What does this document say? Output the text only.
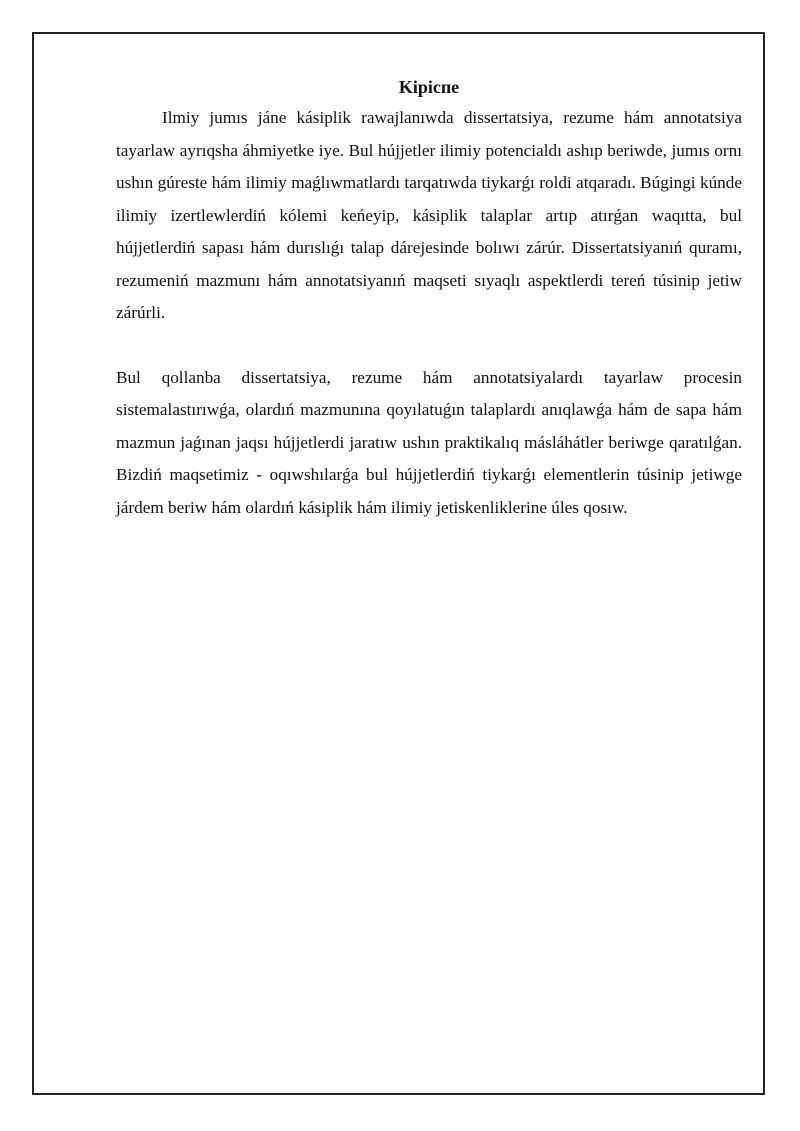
Kipicпe

Ilmiy jumıs jáne kásiplik rawajlanıwda dissertatsiya, rezume hám annotatsiya tayarlaw ayrıqsha áhmiyetke iye. Bul hújjetler ilimiy potencialdı ashıp beriwde, jumıs ornı ushın gúreste hám ilimiy maǵlıwmatlardı tarqatıwda tiykarǵı roldi atqaradı. Búgingi kúnde ilimiy izertlewlerdiń kólemi keńeyip, kásiplik talaplar artıp atırǵan waqıtta, bul hújjetlerdiń sapası hám durıslıǵı talap dárejesinde bolıwı zárúr. Dissertatsiyanıń quramı, rezumeniń mazmunı hám annotatsiyanıń maqseti sıyaqlı aspektlerdi tereń túsinip jetiw zárúrli.

Bul qollanba dissertatsiya, rezume hám annotatsiyalardı tayarlaw procesin sistemalastırıwǵa, olardıń mazmunına qoyılatuǵın talaplardı anıqlawǵa hám de sapa hám mazmun jaǵınan jaqsı hújjetlerdi jaratıw ushın praktikalıq másláhátler beriwge qaratılǵan. Bizdiń maqsetimiz - oqıwshılarǵa bul hújjetlerdiń tiykarǵı elementlerin túsinip jetiwge járdem beriw hám olardıń kásiplik hám ilimiy jetiskenliklerine úles qosıw.
